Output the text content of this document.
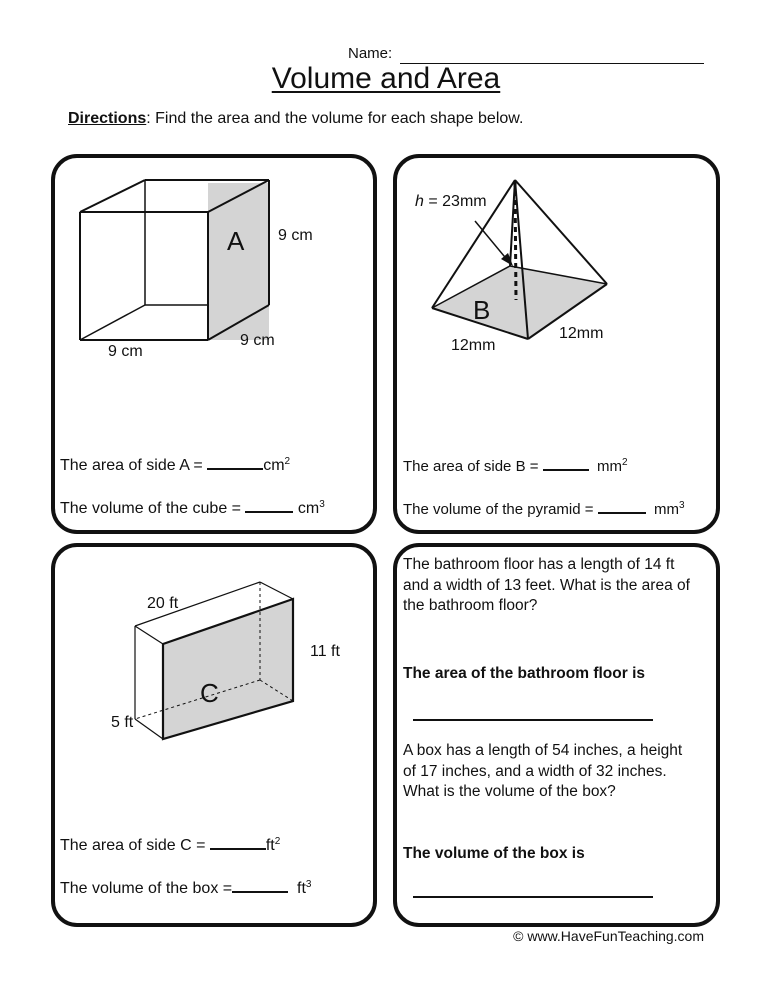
Name:
Volume and Area
Directions: Find the area and the volume for each shape below.
A 9 cm
9 cm
9 cm
The area of side A =	$cm^2$
The volume of the cube =	$cm^3$
h = 23mm
B
12mm
12mm
The area of side B =	$mm^2$
The volume of the pyramid =	$mm^3$
C
20 ft
11 ft
5 ft
The area of side C =	$ft^2$
The volume of the box =	$ft^3$
The bathroom floor has a length of 14 ft
and a width of 13 feet. What is the area of
the bathroom floor?
The area of the bathroom floor is
A box has a length of 54 inches, a height
of 17 inches, and a width of 32 inches.
What is the volume of the box?
The volume of the box is
© www.HaveFunTeaching.com
